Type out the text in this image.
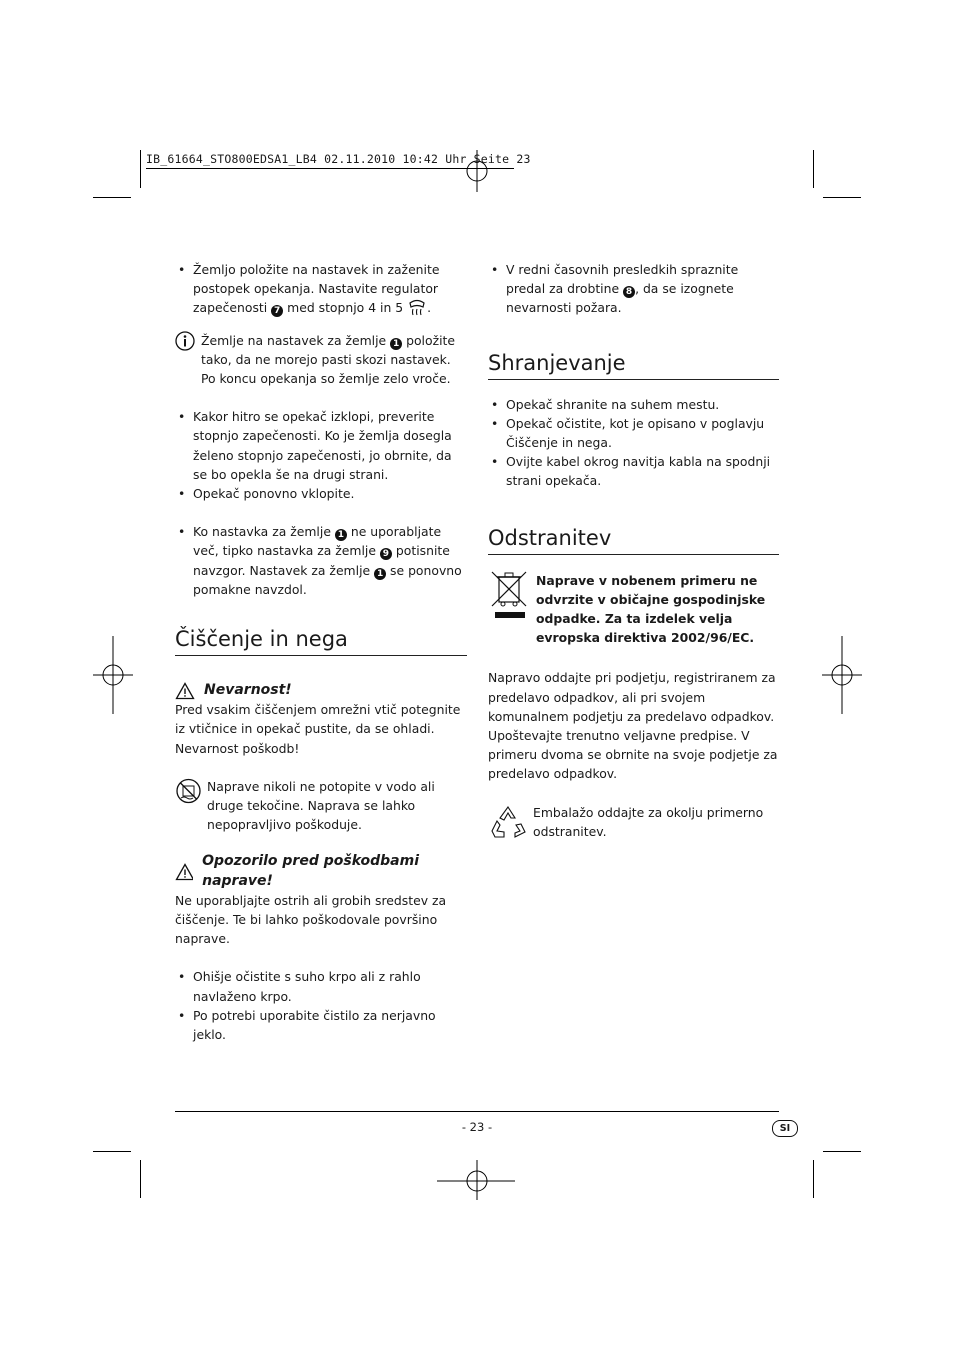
IB_61664_STO800EDSA1_LB4 02.11.2010 10:42 Uhr Seite 23
• Žemljo položite na nastavek in zaženite postopek opekanja. Nastavite regulator zapečenosti 7 med stopnjo 4 in 5 .
Žemlje na nastavek za žemlje 1 položite tako, da ne morejo pasti skozi nastavek. Po koncu opekanja so žemlje zelo vroče.
• Kakor hitro se opekač izklopi, preverite stopnjo zapečenosti. Ko je žemlja dosegla želeno stopnjo zapečenosti, jo obrnite, da se bo opekla še na drugi strani.
• Opekač ponovno vklopite.
• Ko nastavka za žemlje 1 ne uporabljate več, tipko nastavka za žemlje 9 potisnite navzgor. Nastavek za žemlje 1 se ponovno pomakne navzdol.
Čiščenje in nega
Nevarnost!

Pred vsakim čiščenjem omrežni vtič potegnite iz vtičnice in opekač pustite, da se ohladi. Nevarnost poškodb!

Naprave nikoli ne potopite v vodo ali druge tekočine. Naprava se lahko nepopravljivo poškoduje.
Opozorilo pred poškodbami naprave!

Ne uporabljajte ostrih ali grobih sredstev za čiščenje. Te bi lahko poškodovale površino naprave.

• Ohišje očistite s suho krpo ali z rahlo navlaženo krpo.
• Po potrebi uporabite čistilo za nerjavno jeklo.
• V redni časovnih presledkih spraznite predal za drobtine 8 , da se izognete nevarnosti požara.
Shranjevanje
• Opekač shranite na suhem mestu.
• Opekač očistite, kot je opisano v poglavju Čiščenje in nega.
• Ovijte kabel okrog navitja kabla na spodnji strani opekača.
Odstranitev

Naprave v nobenem primeru ne odvrzite v običajne gospodinjske odpadke. Za ta izdelek velja evropska direktiva 2002/96/EC.

Napravo oddajte pri podjetju, registriranem za predelavo odpadkov, ali pri svojem komunalnem podjetju za predelavo odpadkov. Upoštevajte trenutno veljavne predpise. V primeru dvoma se obrnite na svoje podjetje za predelavo odpadkov.

Embalažo oddajte za okolju primerno odstranitev.
- 23 -	SI
